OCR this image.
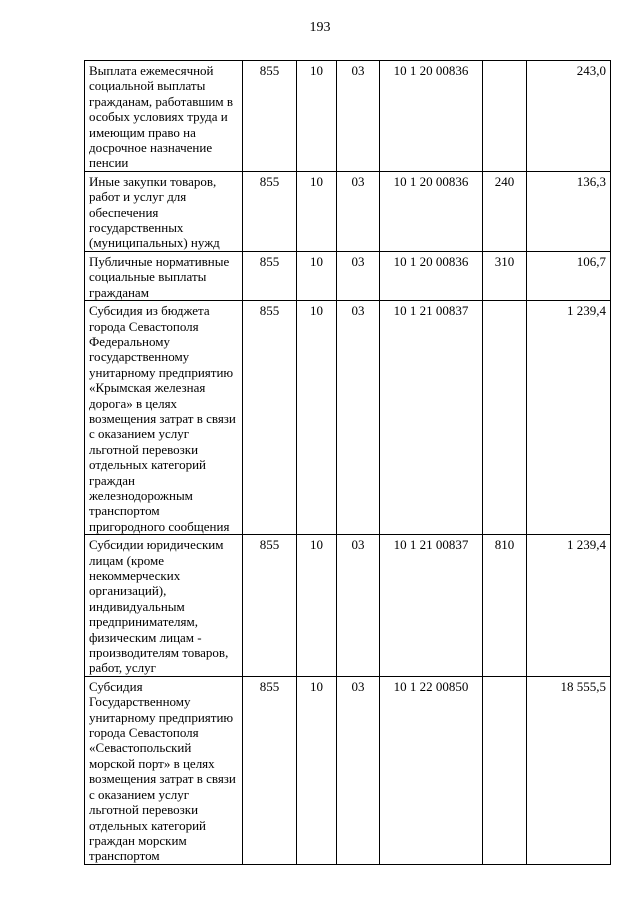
193
Выплата ежемесячной социальной выплаты гражданам, работавшим в особых условиях труда и имеющим право на досрочное назначение пенсии	855	10	03	10 1 20 00836		243,0
Иные закупки товаров, работ и услуг для обеспечения государственных (муниципальных) нужд	855	10	03	10 1 20 00836	240	136,3
Публичные нормативные социальные выплаты гражданам	855	10	03	10 1 20 00836	310	106,7
Субсидия из бюджета города Севастополя Федеральному государственному унитарному предприятию «Крымская железная дорога» в целях возмещения затрат в связи с оказанием услуг льготной перевозки отдельных категорий граждан железнодорожным транспортом пригородного сообщения	855	10	03	10 1 21 00837		1 239,4
Субсидии юридическим лицам (кроме некоммерческих организаций), индивидуальным предпринимателям, физическим лицам - производителям товаров, работ, услуг	855	10	03	10 1 21 00837	810	1 239,4
Субсидия Государственному унитарному предприятию города Севастополя «Севастопольский морской порт» в целях возмещения затрат в связи с оказанием услуг льготной перевозки отдельных категорий граждан морским транспортом	855	10	03	10 1 22 00850		18 555,5
